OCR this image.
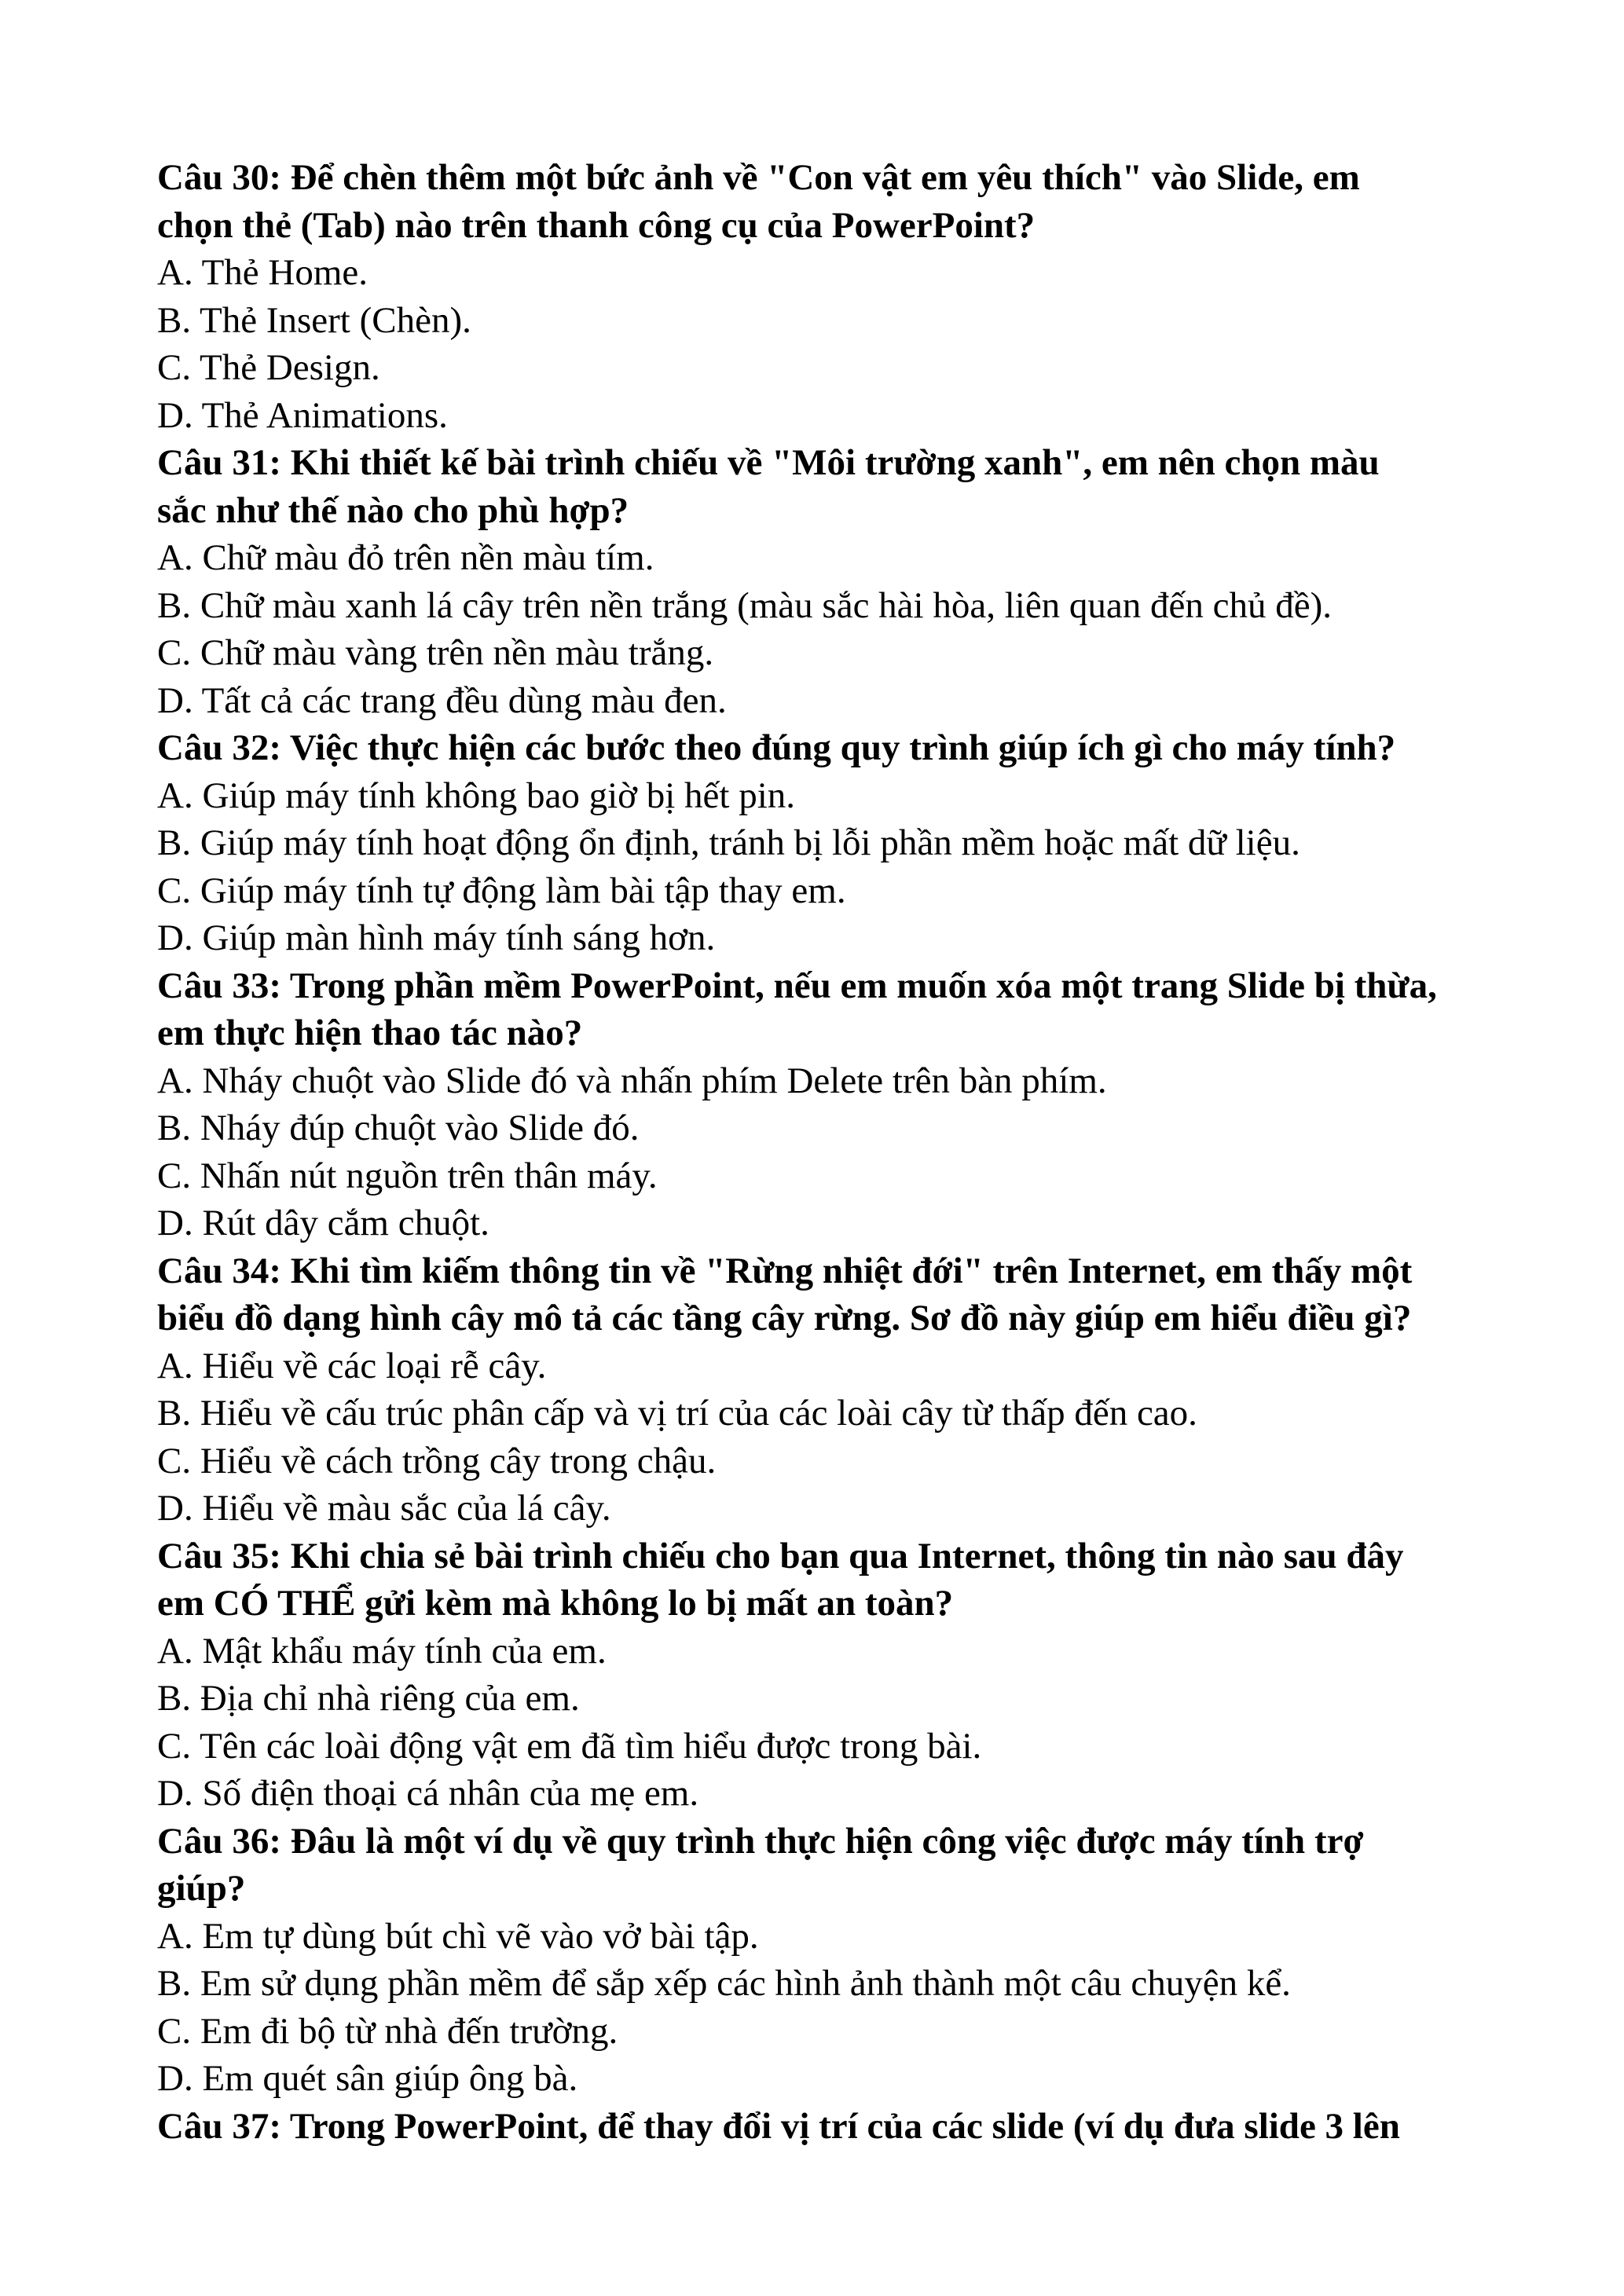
Câu 30: Để chèn thêm một bức ảnh về "Con vật em yêu thích" vào Slide, em
chọn thẻ (Tab) nào trên thanh công cụ của PowerPoint?

A. Thẻ Home.

B. Thẻ Insert (Chèn).

C. Thẻ Design.

D. Thẻ Animations.

Câu 31: Khi thiết kế bài trình chiếu về "Môi trường xanh", em nên chọn màu
sắc như thế nào cho phù hợp?

A. Chữ màu đỏ trên nền màu tím.

B. Chữ màu xanh lá cây trên nền trắng (màu sắc hài hòa, liên quan đến chủ đề).

C. Chữ màu vàng trên nền màu trắng.

D. Tất cả các trang đều dùng màu đen.

Câu 32: Việc thực hiện các bước theo đúng quy trình giúp ích gì cho máy tính?

A. Giúp máy tính không bao giờ bị hết pin.

B. Giúp máy tính hoạt động ổn định, tránh bị lỗi phần mềm hoặc mất dữ liệu.

C. Giúp máy tính tự động làm bài tập thay em.

D. Giúp màn hình máy tính sáng hơn.

Câu 33: Trong phần mềm PowerPoint, nếu em muốn xóa một trang Slide bị thừa,
em thực hiện thao tác nào?

A. Nháy chuột vào Slide đó và nhấn phím Delete trên bàn phím.

B. Nháy đúp chuột vào Slide đó.

C. Nhấn nút nguồn trên thân máy.

D. Rút dây cắm chuột.

Câu 34: Khi tìm kiếm thông tin về "Rừng nhiệt đới" trên Internet, em thấy một
biểu đồ dạng hình cây mô tả các tầng cây rừng. Sơ đồ này giúp em hiểu điều gì?

A. Hiểu về các loại rễ cây.

B. Hiểu về cấu trúc phân cấp và vị trí của các loài cây từ thấp đến cao.

C. Hiểu về cách trồng cây trong chậu.

D. Hiểu về màu sắc của lá cây.

Câu 35: Khi chia sẻ bài trình chiếu cho bạn qua Internet, thông tin nào sau đây
em CÓ THỂ gửi kèm mà không lo bị mất an toàn?

A. Mật khẩu máy tính của em.

B. Địa chỉ nhà riêng của em.

C. Tên các loài động vật em đã tìm hiểu được trong bài.

D. Số điện thoại cá nhân của mẹ em.

Câu 36: Đâu là một ví dụ về quy trình thực hiện công việc được máy tính trợ
giúp?

A. Em tự dùng bút chì vẽ vào vở bài tập.

B. Em sử dụng phần mềm để sắp xếp các hình ảnh thành một câu chuyện kể.

C. Em đi bộ từ nhà đến trường.

D. Em quét sân giúp ông bà.

Câu 37: Trong PowerPoint, để thay đổi vị trí của các slide (ví dụ đưa slide 3 lên
